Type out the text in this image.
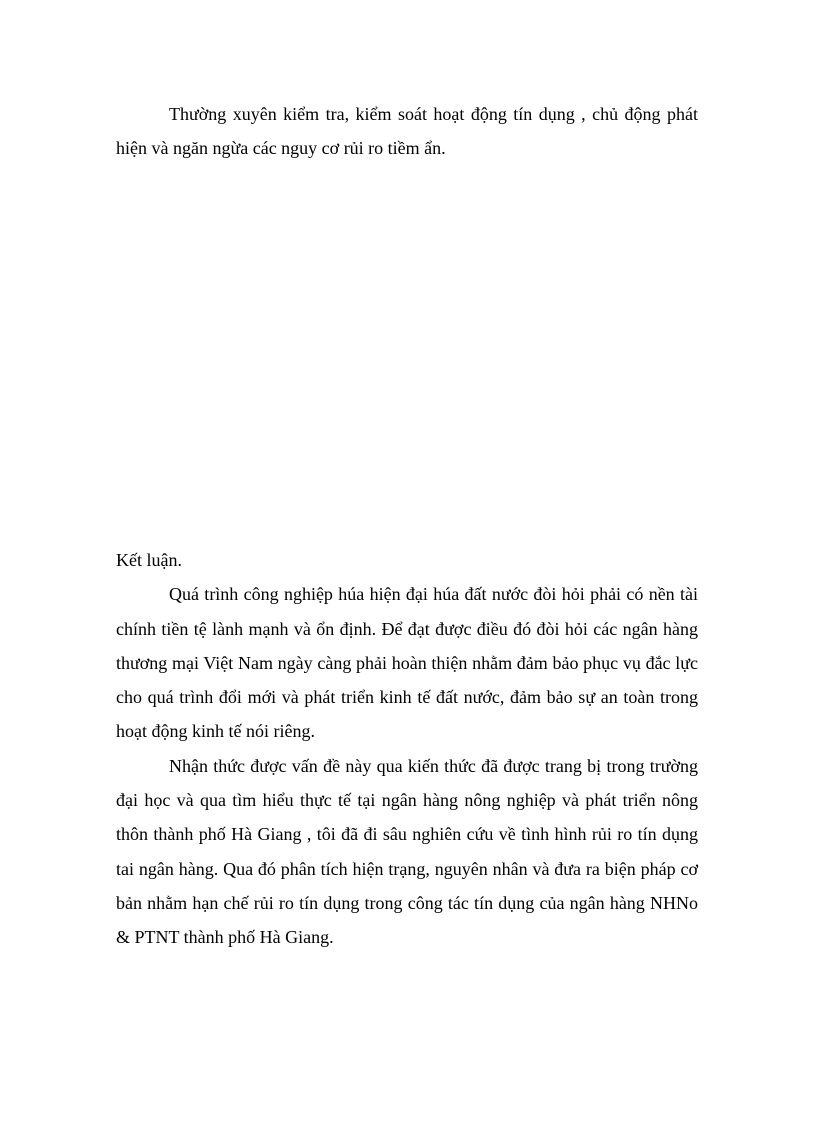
Thường xuyên kiểm tra, kiểm soát hoạt động tín dụng , chủ động phát hiện và ngăn ngừa các nguy cơ rủi ro tiềm ẩn.

Kết luận.

Quá trình công nghiệp húa hiện đại húa đất nước đòi hỏi phải có nền tài chính tiền tệ lành mạnh và ổn định. Để đạt được điều đó đòi hỏi các ngân hàng thương mại Việt Nam ngày càng phải hoàn thiện nhằm đảm bảo phục vụ đắc lực cho quá trình đổi mới và phát triển kinh tế đất nước, đảm bảo sự an toàn trong hoạt động kinh tế nói riêng.

Nhận thức được vấn đề này qua kiến thức đã được trang bị trong trường đại học và qua tìm hiểu thực tế tại ngân hàng nông nghiệp và phát triển nông thôn thành phố Hà Giang , tôi đã đi sâu nghiên cứu về tình hình rủi ro tín dụng tai ngân hàng. Qua đó phân tích hiện trạng, nguyên nhân và đưa ra biện pháp cơ bản nhằm hạn chế rủi ro tín dụng trong công tác tín dụng của ngân hàng NHNo & PTNT thành phố Hà Giang.
